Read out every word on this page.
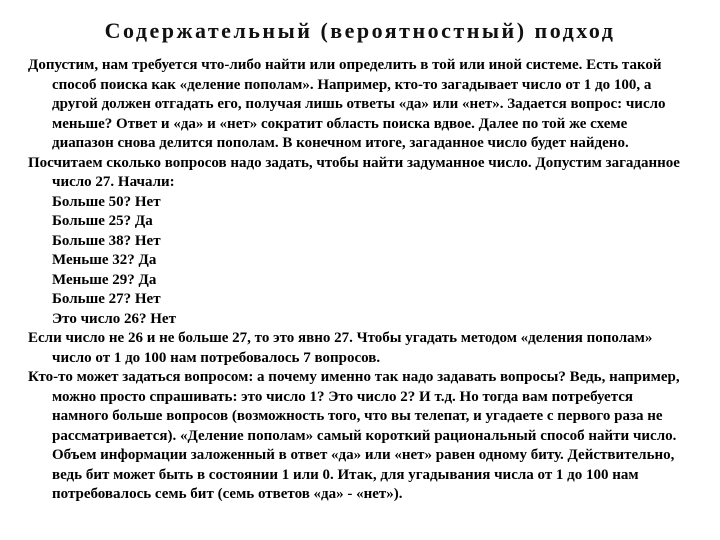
Содержательный (вероятностный) подход

Допустим, нам требуется что-либо найти или определить в той или иной системе. Есть такой способ поиска как «деление пополам». Например, кто-то загадывает число от 1 до 100, а другой должен отгадать его, получая лишь ответы «да» или «нет». Задается вопрос: число меньше? Ответ и «да» и «нет» сократит область поиска вдвое. Далее по той же схеме диапазон снова делится пополам. В конечном итоге, загаданное число будет найдено.

Посчитаем сколько вопросов надо задать, чтобы найти задуманное число. Допустим загаданное число 27. Начали:

Больше 50? Нет
Больше 25? Да
Больше 38? Нет
Меньше 32? Да
Меньше 29? Да
Больше 27? Нет
Это число 26? Нет

Если число не 26 и не больше 27, то это явно 27. Чтобы угадать методом «деления пополам» число от 1 до 100 нам потребовалось 7 вопросов.

Кто-то может задаться вопросом: а почему именно так надо задавать вопросы? Ведь, например, можно просто спрашивать: это число 1? Это число 2? И т.д. Но тогда вам потребуется намного больше вопросов (возможность того, что вы телепат, и угадаете с первого раза не рассматривается). «Деление пополам» самый короткий рациональный способ найти число.

Объем информации заложенный в ответ «да» или «нет» равен одному биту. Действительно, ведь бит может быть в состоянии 1 или 0. Итак, для угадывания числа от 1 до 100 нам потребовалось семь бит (семь ответов «да» - «нет»).
